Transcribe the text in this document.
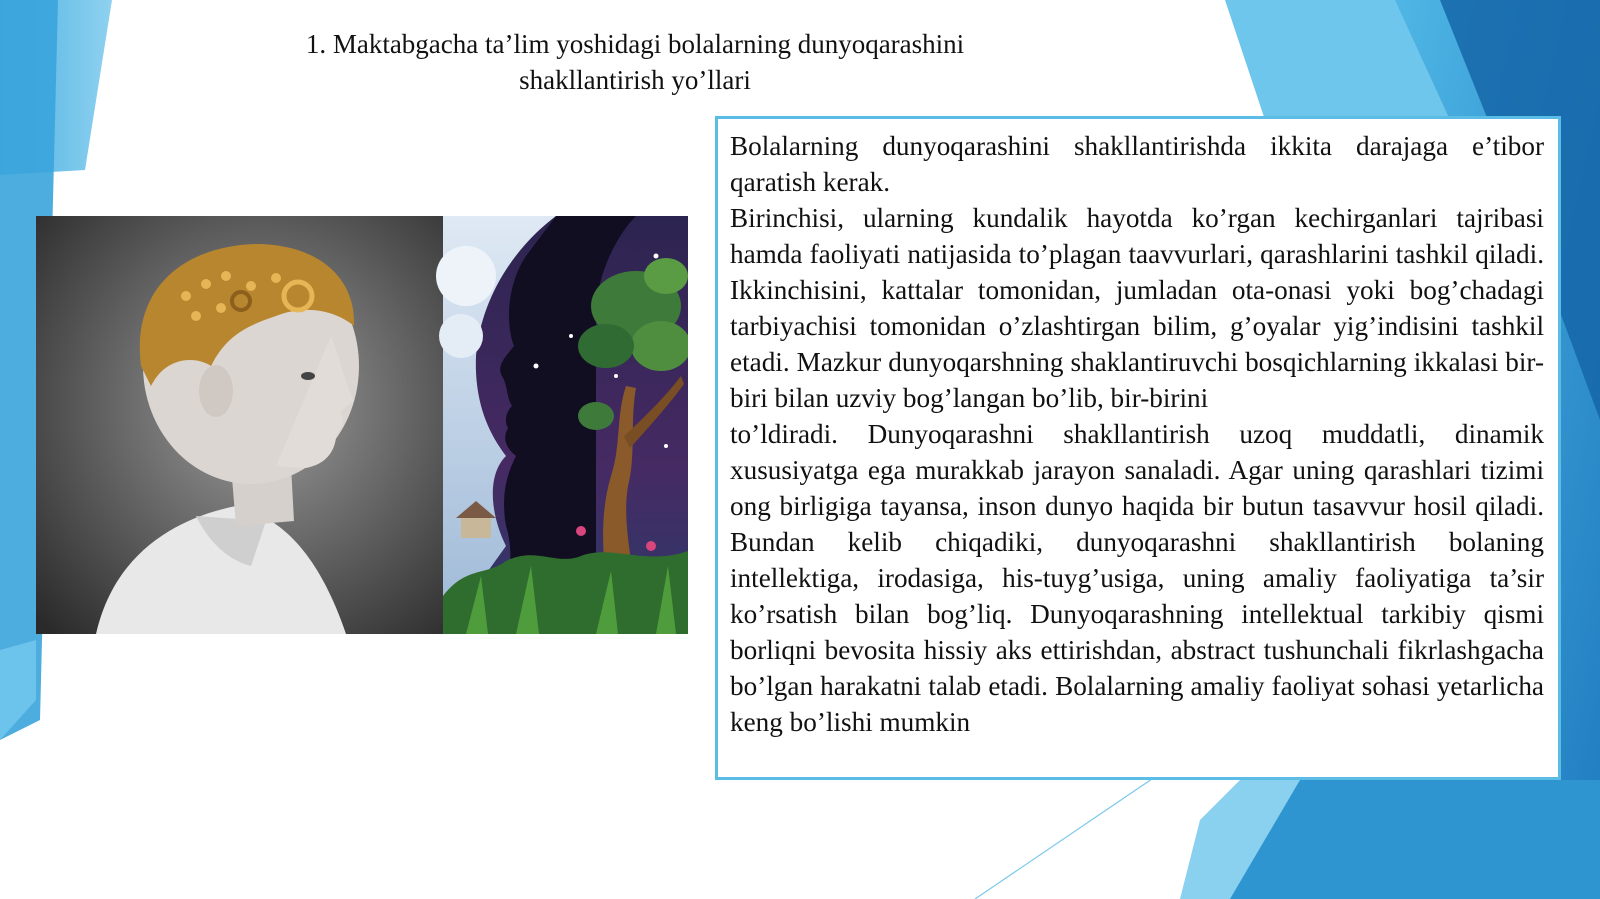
1. Maktabgacha ta’lim yoshidagi bolalarning dunyoqarashini
shakllantirish yo’llari

Bolalarning dunyoqarashini shakllantirishda ikkita darajaga e’tibor qaratish kerak.

Birinchisi, ularning kundalik hayotda ko’rgan kechirganlari tajribasi hamda faoliyati natijasida to’plagan taavvurlari, qarashlarini tashkil qiladi. Ikkinchisini, kattalar tomonidan, jumladan ota-onasi yoki bog’chadagi tarbiyachisi tomonidan o’zlashtirgan bilim, g’oyalar yig’indisini tashkil etadi. Mazkur dunyoqarshning shaklantiruvchi bosqichlarning ikkalasi bir-biri bilan uzviy bog’langan bo’lib, bir-birini

to’ldiradi. Dunyoqarashni shakllantirish uzoq muddatli, dinamik xususiyatga ega murakkab jarayon sanaladi. Agar uning qarashlari tizimi ong birligiga tayansa, inson dunyo haqida bir butun tasavvur hosil qiladi. Bundan kelib chiqadiki, dunyoqarashni shakllantirish bolaning intellektiga, irodasiga, his-tuyg’usiga, uning amaliy faoliyatiga ta’sir ko’rsatish bilan bog’liq. Dunyoqarashning intellektual tarkibiy qismi borliqni bevosita hissiy aks ettirishdan, abstract tushunchali fikrlashgacha bo’lgan harakatni talab etadi. Bolalarning amaliy faoliyat sohasi yetarlicha keng bo’lishi mumkin
